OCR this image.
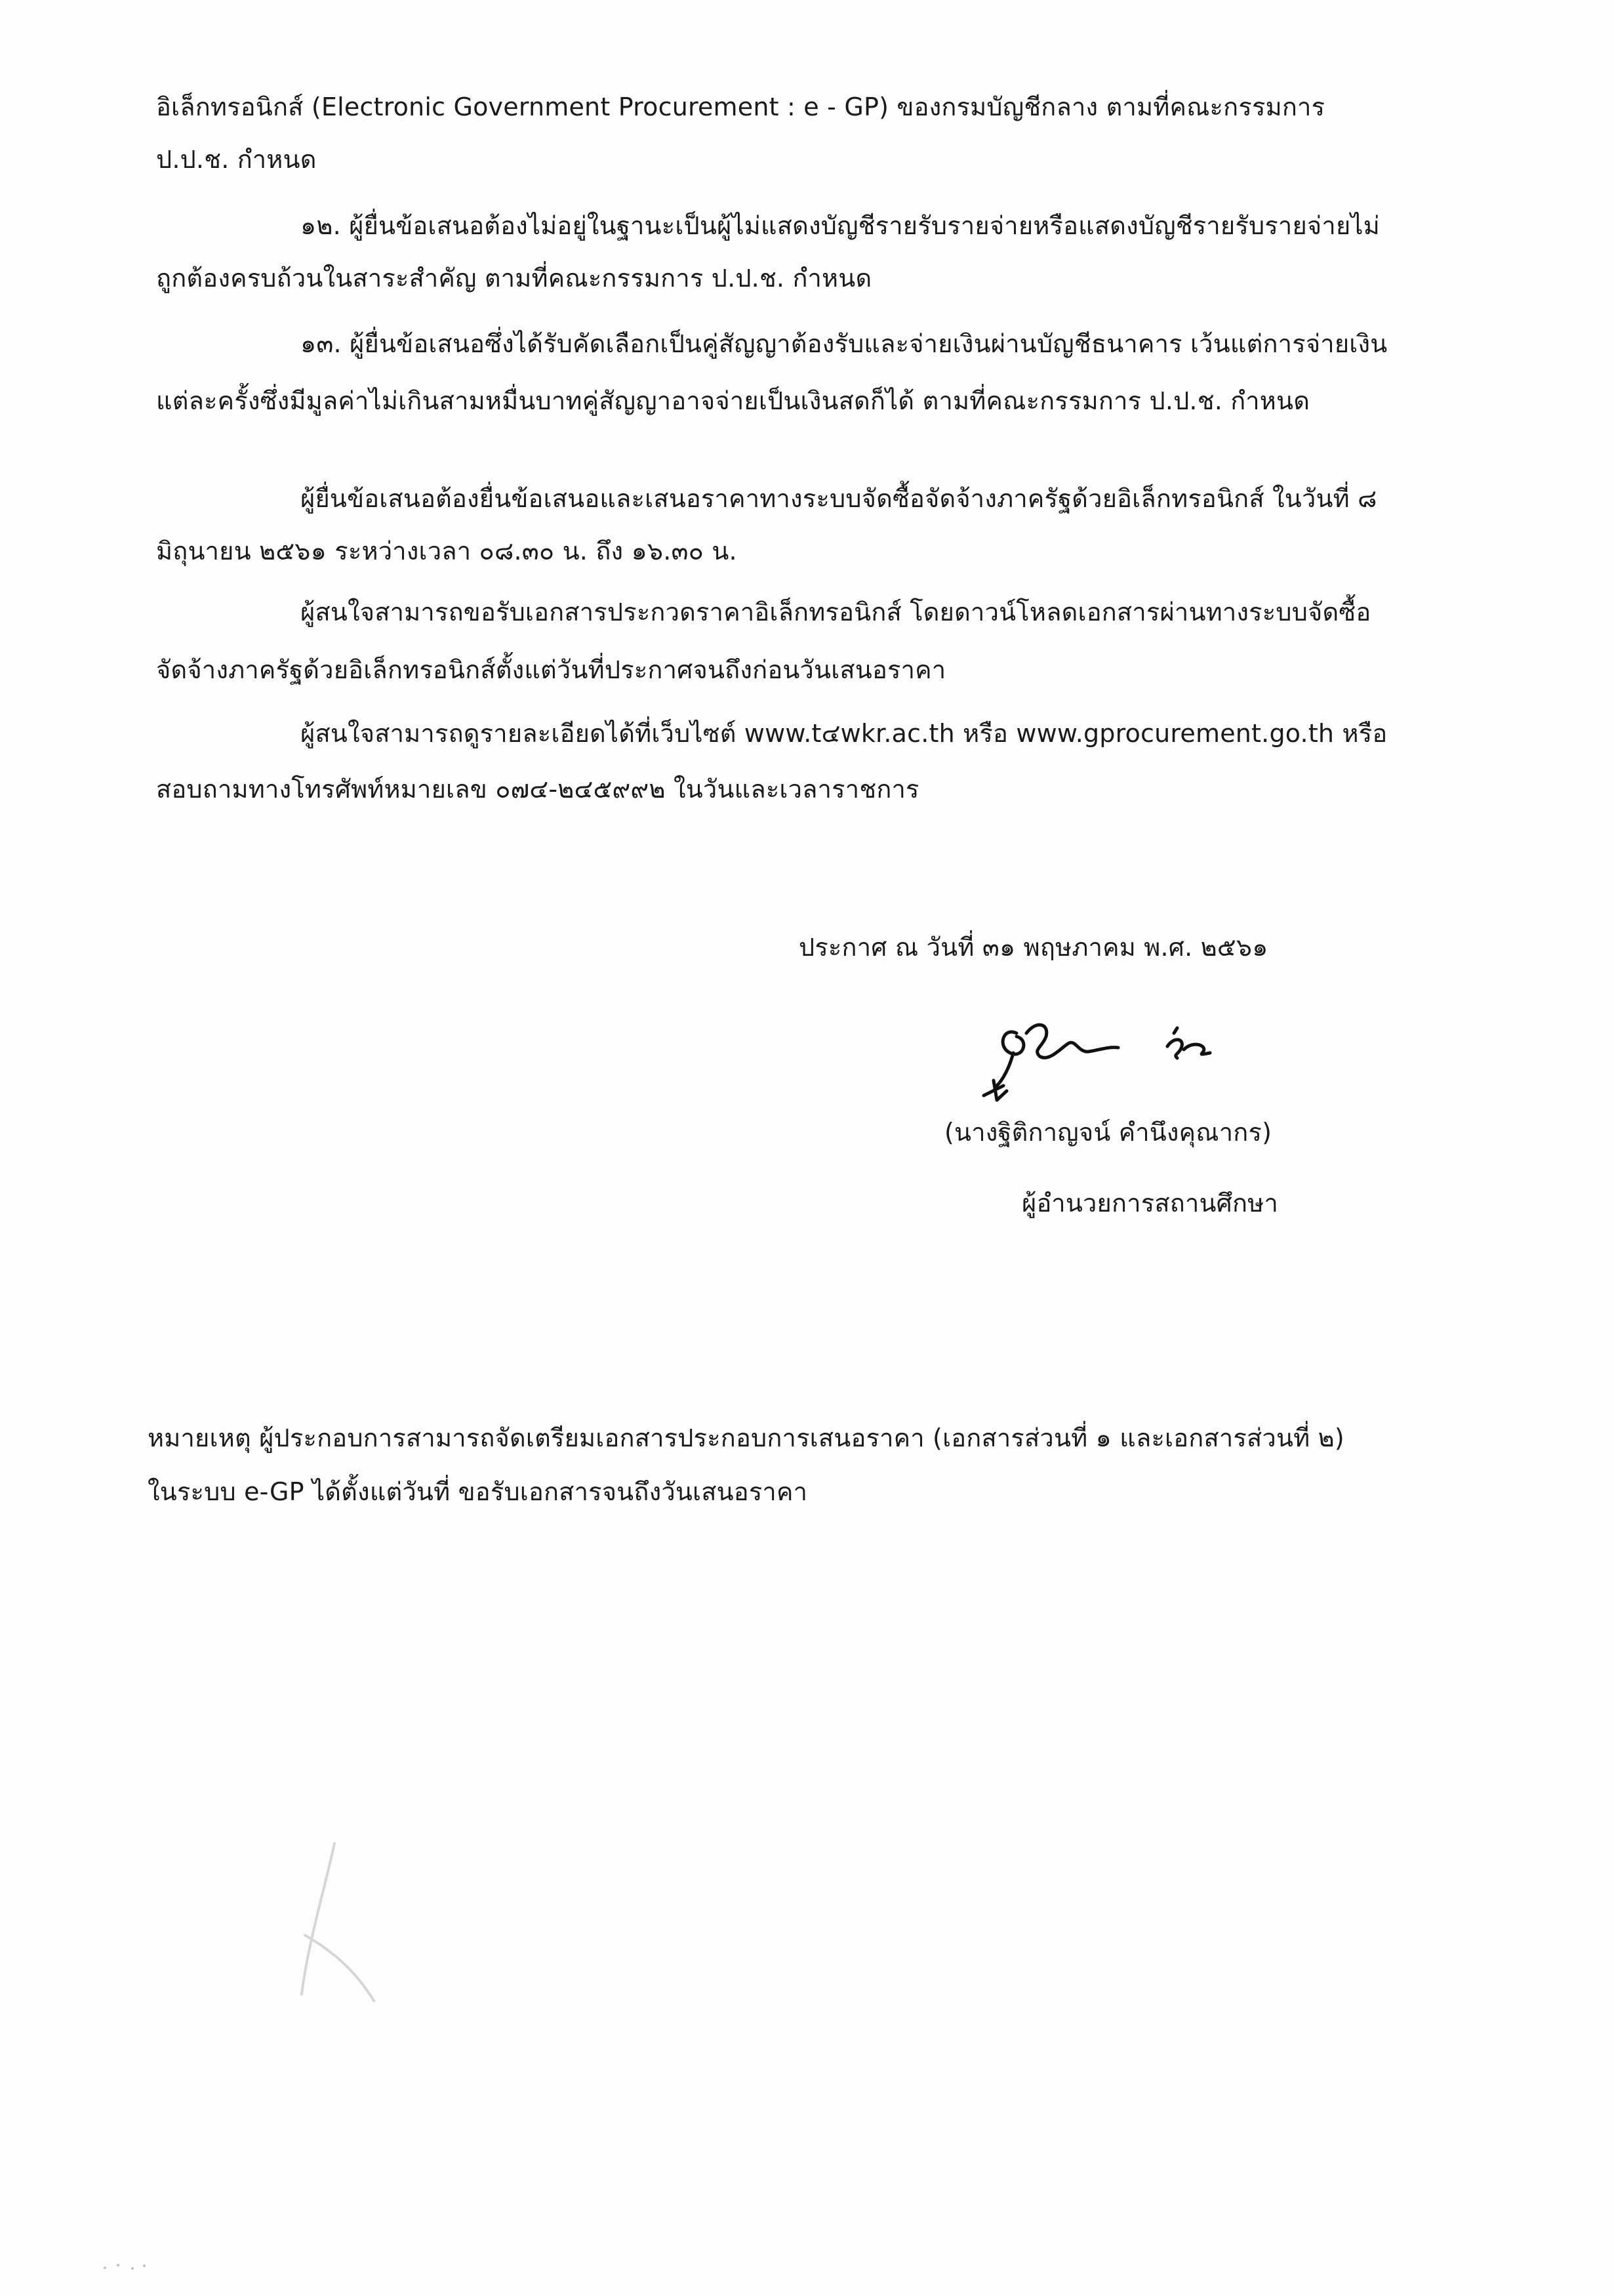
อิเล็กทรอนิกส์ (Electronic Government Procurement : e - GP) ของกรมบัญชีกลาง ตามที่คณะกรรมการ
ป.ป.ช. กำหนด
๑๒. ผู้ยื่นข้อเสนอต้องไม่อยู่ในฐานะเป็นผู้ไม่แสดงบัญชีรายรับรายจ่ายหรือแสดงบัญชีรายรับรายจ่ายไม่
ถูกต้องครบถ้วนในสาระสำคัญ ตามที่คณะกรรมการ ป.ป.ช. กำหนด
๑๓. ผู้ยื่นข้อเสนอซึ่งได้รับคัดเลือกเป็นคู่สัญญาต้องรับและจ่ายเงินผ่านบัญชีธนาคาร เว้นแต่การจ่ายเงิน
แต่ละครั้งซึ่งมีมูลค่าไม่เกินสามหมื่นบาทคู่สัญญาอาจจ่ายเป็นเงินสดก็ได้ ตามที่คณะกรรมการ ป.ป.ช. กำหนด
ผู้ยื่นข้อเสนอต้องยื่นข้อเสนอและเสนอราคาทางระบบจัดซื้อจัดจ้างภาครัฐด้วยอิเล็กทรอนิกส์ ในวันที่ ๘
มิถุนายน ๒๕๖๑ ระหว่างเวลา ๐๘.๓๐ น. ถึง ๑๖.๓๐ น.
ผู้สนใจสามารถขอรับเอกสารประกวดราคาอิเล็กทรอนิกส์ โดยดาวน์โหลดเอกสารผ่านทางระบบจัดซื้อ
จัดจ้างภาครัฐด้วยอิเล็กทรอนิกส์ตั้งแต่วันที่ประกาศจนถึงก่อนวันเสนอราคา
ผู้สนใจสามารถดูรายละเอียดได้ที่เว็บไซต์ www.t๔wkr.ac.th หรือ www.gprocurement.go.th หรือ
สอบถามทางโทรศัพท์หมายเลข ๐๗๔-๒๔๕๙๙๒ ในวันและเวลาราชการ
ประกาศ ณ วันที่ ๓๑ พฤษภาคม พ.ศ. ๒๕๖๑
(นางฐิติกาญจน์ คำนึงคุณากร)
ผู้อำนวยการสถานศึกษา
หมายเหตุ ผู้ประกอบการสามารถจัดเตรียมเอกสารประกอบการเสนอราคา (เอกสารส่วนที่ ๑ และเอกสารส่วนที่ ๒)
ในระบบ e-GP ได้ตั้งแต่วันที่ ขอรับเอกสารจนถึงวันเสนอราคา
